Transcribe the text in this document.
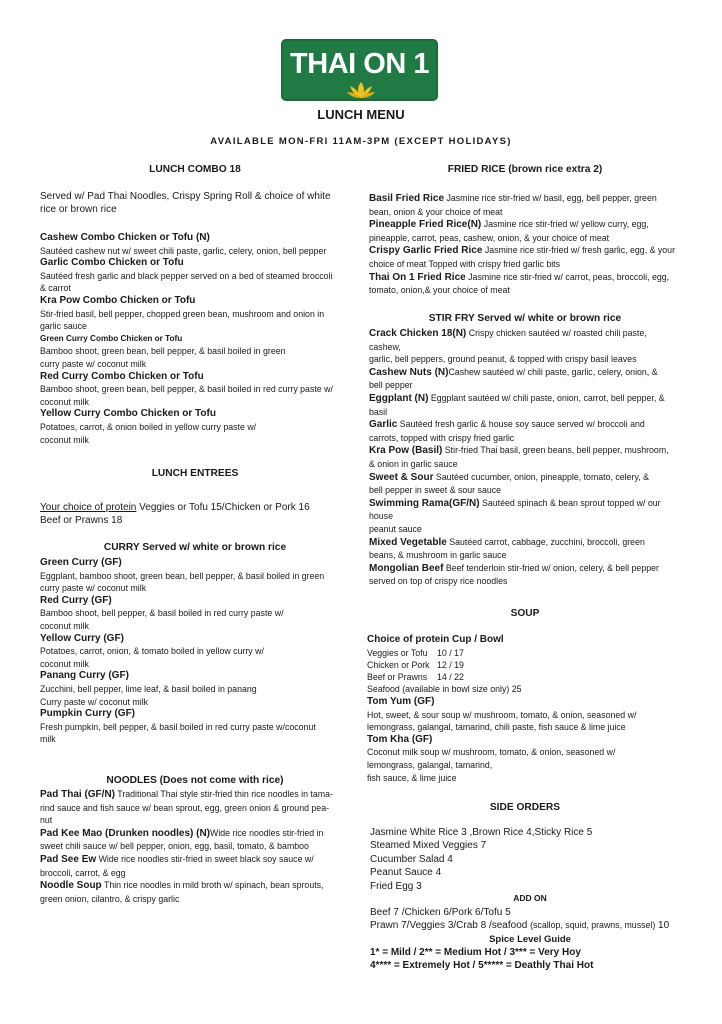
THAI ON 1
LUNCH MENU
AVAILABLE MON-FRI 11AM-3PM (EXCEPT HOLIDAYS)
LUNCH COMBO 18
Served w/ Pad Thai Noodles, Crispy Spring Roll & choice of white
rice or brown rice
Cashew Combo Chicken or Tofu (N)
Sautéed cashew nut w/ sweet chili paste, garlic, celery, onion, bell pepper
Garlic Combo Chicken or Tofu
Sautéed fresh garlic and black pepper served on a bed of steamed broccoli
& carrot
Kra Pow Combo Chicken or Tofu
Stir-fried basil, bell pepper, chopped green bean, mushroom and onion in
garlic sauce
Green Curry Combo Chicken or Tofu
Bamboo shoot, green bean, bell pepper, & basil boiled in green
curry paste w/ coconut milk
Red Curry Combo Chicken or Tofu
Bamboo shoot, green bean, bell pepper, & basil boiled in red curry paste w/
coconut milk
Yellow Curry Combo Chicken or Tofu
Potatoes, carrot, & onion boiled in yellow curry paste w/
coconut milk
LUNCH ENTREES
Your choice of protein Veggies or Tofu 15/Chicken or Pork 16
Beef or Prawns 18
CURRY Served w/ white or brown rice
Green Curry (GF)
Eggplant, bamboo shoot, green bean, bell pepper, & basil boiled in green
curry paste w/ coconut milk
Red Curry (GF)
Bamboo shoot, bell pepper, & basil boiled in red curry paste w/
coconut milk
Yellow Curry (GF)
Potatoes, carrot, onion, & tomato boiled in yellow curry w/
coconut milk
Panang Curry (GF)
Zucchini, bell pepper, lime leaf, & basil boiled in panang
Curry paste w/ coconut milk
Pumpkin Curry (GF)
Fresh pumpkin, bell pepper, & basil boiled in red curry paste w/coconut
milk
NOODLES (Does not come with rice)
Pad Thai (GF/N) Traditional Thai style stir-fried thin rice noodles in tama-
rind sauce and fish sauce w/ bean sprout, egg, green onion & ground pea-
nut
Pad Kee Mao (Drunken noodles) (N)Wide rice noodles stir-fried in
sweet chili sauce w/ bell pepper, onion, egg, basil, tomato, & bamboo
Pad See Ew Wide rice noodles stir-fried in sweet black soy sauce w/
broccoli, carrot, & egg
Noodle Soup Thin rice noodles in mild broth w/ spinach, bean sprouts,
green onion, cilantro, & crispy garlic
FRIED RICE (brown rice extra 2)
Basil Fried Rice Jasmine rice stir-fried w/ basil, egg, bell pepper, green
bean, onion & your choice of meat
Pineapple Fried Rice(N) Jasmine rice stir-fried w/ yellow curry, egg,
pineapple, carrot, peas, cashew, onion, & your choice of meat
Crispy Garlic Fried Rice Jasmine rice stir-fried w/ fresh garlic, egg, & your
choice of meat Topped with crispy fried garlic bits
Thai On 1 Fried Rice Jasmine rice stir-fried w/ carrot, peas, broccoli, egg,
tomato, onion,& your choice of meat
STIR FRY Served w/ white or brown rice
Crack Chicken 18(N) Crispy chicken sautéed w/ roasted chili paste,
cashew,
garlic, bell peppers, ground peanut, & topped with crispy basil leaves
Cashew Nuts (N)Cashew sautéed w/ chili paste, garlic, celery, onion, &
bell pepper
Eggplant (N) Eggplant sautéed w/ chili paste, onion, carrot, bell pepper, &
basil
Garlic Sautéed fresh garlic & house soy sauce served w/ broccoli and
carrots, topped with crispy fried garlic
Kra Pow (Basil) Stir-fried Thai basil, green beans, bell pepper, mushroom,
& onion in garlic sauce
Sweet & Sour Sautéed cucumber, onion, pineapple, tomato, celery, &
bell pepper in sweet & sour sauce
Swimming Rama(GF/N) Sautéed spinach & bean sprout topped w/ our
house
peanut sauce
Mixed Vegetable Sautéed carrot, cabbage, zucchini, broccoli, green
beans, & mushroom in garlic sauce
Mongolian Beef Beef tenderloin stir-fried w/ onion, celery, & bell pepper
served on top of crispy rice noodles
SOUP
Choice of protein Cup / Bowl
Veggies or Tofu	10 / 17
Chicken or Pork 12 / 19
Beef or Prawns	14 / 22
Seafood (available in bowl size only) 25
Tom Yum (GF)
Hot, sweet, & sour soup w/ mushroom, tomato, & onion, seasoned w/
lemongrass, galangal, tamarind, chili paste, fish sauce & lime juice
Tom Kha (GF)
Coconut milk soup w/ mushroom, tomato, & onion, seasoned w/
lemongrass, galangal, tamarind,
fish sauce, & lime juice
SIDE ORDERS
Jasmine White Rice 3 ,Brown Rice 4,Sticky Rice 5
Steamed Mixed Veggies 7
Cucumber Salad 4
Peanut Sauce 4
Fried Egg 3
ADD ON
Beef 7 /Chicken 6/Pork 6/Tofu 5
Prawn 7/Veggies 3/Crab 8 /seafood (scallop, squid, prawns, mussel) 10
Spice Level Guide
1* = Mild / 2** = Medium Hot / 3*** = Very Hoy
4**** = Extremely Hot / 5***** = Deathly Thai Hot
